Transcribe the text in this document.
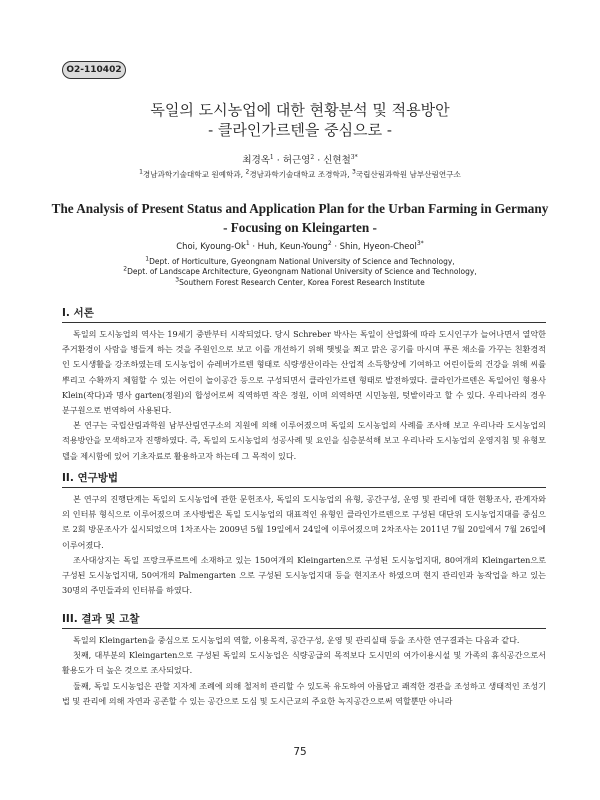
O2-110402
독일의 도시농업에 대한 현황분석 및 적용방안
- 클라인가르텐을 중심으로 -
최경옥$^1$ · 허근영$^2$ · 신현철$^{3*}$
$^1$경남과학기술대학교 원예학과, $^2$경남과학기술대학교 조경학과, $^3$국립산림과학원 남부산림연구소
The Analysis of Present Status and Application Plan for the Urban Farming in Germany
- Focusing on Kleingarten -
Choi, Kyoung-$Ok^1$ · Huh, Keun-Young$^2$ · Shin, Hyeon-Cheol$^{3*}$
$^1$Dept. of Horticulture, Gyeongnam National University of Science and Technology,
$^2$Dept. of Landscape Architecture, Gyeongnam National University of Science and Technology,
$^3$Southern Forest Research Center, Korea Forest Research Institute
I. 서론

독일의 도시농업의 역사는 19세기 중반부터 시작되었다. 당시 Schreber 박사는 독일이 산업화에 따라 도시인구가 늘어나면서 열악한 주거환경이 사람을 병들게 하는 것을 주원인으로 보고 이를 개선하기 위해 햇빛을 쬐고 맑은 공기를 마시며 푸른 채소를 가꾸는 친환경적인 도시생활을 강조하였는데 도시농업이 슈레버가르텐 형태로 식량생산이라는 산업적 소득향상에 기여하고 어린이들의 건강을 위해 씨를 뿌리고 수확까지 체험할 수 있는 어린이 놀이공간 등으로 구성되면서 클라인가르텐 형태로 발전하였다. 클라인가르텐은 독일어인 형용사 Klein(작다)과 명사 garten(정원)의 합성어로써 직역하면 작은 정원, 이며 의역하면 시민농원, 텃밭이라고 할 수 있다. 우리나라의 경우 분구원으로 번역하여 사용된다.

본 연구는 국립산림과학원 남부산림연구소의 지원에 의해 이루어졌으며 독일의 도시농업의 사례를 조사해 보고 우리나라 도시농업의 적용방안을 모색하고자 진행하였다. 즉, 독일의 도시농업의 성공사례 및 요인을 심층분석해 보고 우리나라 도시농업의 운영지침 및 유형모델을 제시함에 있어 기초자료로 활용하고자 하는데 그 목적이 있다.

II. 연구방법

본 연구의 진행단계는 독일의 도시농업에 관한 문헌조사, 독일의 도시농업의 유형, 공간구성, 운영 및 관리에 대한 현황조사, 관계자와의 인터뷰 형식으로 이루어졌으며 조사방법은 독일 도시농업의 대표적인 유형인 클라인가르텐으로 구성된 대단위 도시농업지대를 중심으로 2회 방문조사가 실시되었으며 1차조사는 2009년 5월 19일에서 24일에 이루어졌으며 2차조사는 2011년 7월 20일에서 7월 26일에 이루어졌다.

조사대상지는 독일 프랑크푸르트에 소재하고 있는 150여개의 Kleingarten으로 구성된 도시농업지대, 80여개의 Kleingarten으로 구성된 도시농업지대, 50여개의 Palmengarten 으로 구성된 도시농업지대 등을 현지조사 하였으며 현지 관리인과 농작업을 하고 있는 30명의 주민들과의 인터뷰를 하였다.

III. 결과 및 고찰

독일의 Kleingarten을 중심으로 도시농업의 역할, 이용목적, 공간구성, 운영 및 관리실태 등을 조사한 연구결과는 다음과 같다.

첫째, 대부분의 Kleingarten으로 구성된 독일의 도시농업은 식량공급의 목적보다 도시민의 여가이용시설 및 가족의 휴식공간으로서 활용도가 더 높은 것으로 조사되었다.

둘째, 독일 도시농업은 관할 지자체 조례에 의해 철저히 관리할 수 있도록 유도하여 아름답고 쾌적한 경관을 조성하고 생태적인 조성기법 및 관리에 의해 자연과 공존할 수 있는 공간으로 도심 및 도시근교의 주요한 녹지공간으로써 역할뿐만 아니라

75
